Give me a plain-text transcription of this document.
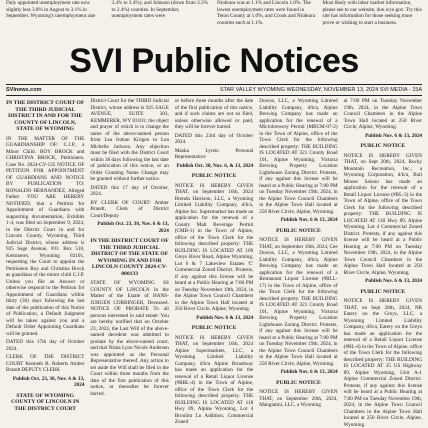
Duly appointed unemployment rate now slightly less 3.8% in August to 3.1% in September. Wyoming's unemployment rate
3.4% to 3.4%), and Johnson (down from 3.3% to 2.4%) counties. In September, unemployment rates were
Niobrara was at 1.1% and Lincoln 1.0%. The lowest unemployment rates were found in Teton County at 1.0%, and Crook and Niobrara counties each at 1.1%.
Most likely with labor market information, please see to our website, doe.wyo.gov. Try this site has information for those seeking more prove or wishing to start a business.
SVI Public Notices
SVInews.com	STAR VALLEY WYOMING WEDNESDAY, NOVEMBER 13, 2024 SVI MEDIA - 15A
IN THE DISTRICT COURT OF THE THIRD JUDICIAL DISTRICT IN AND FOR THE COUNTY OF LINCOLN, STATE OF WYOMING

IN THE MATTER OF THE GUARDIANSHIP OF: C.J.P., a Minor Child. ROY BROCK and CHRISTINA BROCK, Petitioners. Case No. 2024-CV-125 NOTICE OF PETITION FOR APPOINTMENT OF GUARDIANS AND NOTICE BY PUBLICATION TO: RONALDO HERNANDEZ, Alleged Father YOU ARE HEREBY NOTIFIED, that a Petition for Appointment of Guardians with supporting documentation, Exhibits 1-4, was filed on September 9, 2024, in the District Court in and for Lincoln County, Wyoming, Third Judicial District, whose address is 925 Sage Avenue, P.O. Box 510, Kemmerer, Wyoming 83101, requesting the Court to appoint the Petitioners Roy and Christina Brock as guardians of the minor child C.J.P. Unless you file an Answer or otherwise respond to the Petition for Appointment of Guardians within thirty (30) days following the last date of the publication of this Notice of Publication, a Default Judgment will be taken against you and a Default Order Appointing Guardians will be granted.

DATED this 17th day of October 2024.

CLERK OF THE DISTRICT COURT Kenneth B. Roberts Amber Brandt DEPUTY CLERK

Publish Oct. 23, 30, Nov. 6 & 13, 2024
STATE OF WYOMING COUNTY OF LINCOLN IN THE DISTRICT COURT

District Court for the THIRD Judicial District, whose address is 925 SAGE AVENUE, SUITE 303, KEMMERER, WY 83101; the object and prayer of which is to change the name of the above-named person from Lea Iroban Kirigen to Lea Michelle Jackson. Any objection must be filed with the District Court within 30 days following the last date of publication of this notice, or an Order Granting Name Change may be granted without further notice.

DATED this 17 day of October, 2024.

BY CLERK OF COURT: Amber Brandt, Clerk of District Court/Deputy

Publish Oct. 23, 30, Nov. 6 & 13, 2024
IN THE DISTRICT COURT OF THE THIRD JUDICIAL DISTRICT OF THE STATE OF WYOMING IN AND FOR LINCOLN COUNTY 2024-CV-000133

STATE OF WYOMING SS COUNTY OF LINCOLN In the Matter of the Estate of HANS-JURGEN CORRINGER, Deceased. NOTICE OF PROBATE To all persons interested in said estate: You are hereby notified that on October 23, 2024, the Last Will of the above-named decedent was admitted to probate by the above-named court, and that Nisha Lynn Nicole Andersen was appointed as the Personal Representative thereof. Any action to set aside the Will shall be filed in the Court within three months from the date of the first publication of this notice, or thereafter be forever barred.

or before three months after the date of the first publication of this notice, and if such claims are not so filed, unless otherwise allowed or paid, they will be forever barred.

DATED this 23rd day of October 2024.

Mazka Lyrein Personal Representative

Publish Oct. 30, Nov. 6, & 13, 2024
PUBLIC NOTICE

NOTICE IS HEREBY GIVEN THAT, on September 16th, 2024 Brenda Harrison, LLC, a Wyoming Limited Liability Company, d/b/a, Alpine Inc. Supermarket has made an application for the renewal of a County Malt Beverage Permit (CMB-1) in the Town of Alpine, office of the Town Clerk for the following described property: THE BUILDING IS LOCATED AT 109 Greys River Road, Alpine Wyoming, Lot 6 & 7 Lakeview Estates 'C' Commercial Zoned District. Protests, if any against this license will be heard at a Public Hearing at 7:00 PM on Tuesday November 19th, 2024, in the Alpine Town Council Chambers in the Alpine Town Hall located at 250 River Circle, Alpine, Wyoming.

Publish Nov. 6 & 13, 2024
PUBLIC NOTICE

NOTICE IS HEREBY GIVEN THAT, on September 16th, 2024 Alpine Supermarkets, LLC, a Wyoming Limited Liability Company, d/b/a Alpine Broadway has made an application for the renewal of a Retail Liquor License (#RRL-4) in the Town of Alpine, office of the Town Clerk for the following described property. THE BUILDING IS LOCATED AT 118 Hwy 89, Alpine Wyoming, Lot 4 Broulim Ln Addition, Commercial Zoned

Downs, LLC, a Wyoming Limited Liability Company, d/b/a, Alpine Brewing Company has made an application for the renewal of a Microbrewery Permit (MBCM-07-2) in the Town of Alpine, office of the Town Clerk for the following described property: THE BUILDING IS LOCATED AT 321 County Road 101, Alpine Wyoming, Victoria Brewing Property Location Lighthouse Zoning District. Protests, if any against this license will be heard at a Public Hearing at 7:00 PM on Tuesday November 19th, 2024, in the Alpine Town Council Chambers in the Alpine Town Hall located at 250 River Circle, Alpine, Wyoming.

Publish Nov. 6 & 13, 2024
PUBLIC NOTICE

NOTICE IS HEREBY GIVEN THAT, on September 16th, 2024, Cee Downs, LLC, a Wyoming Limited Liability Company, d/b/a, Alpine Brewing Company has made an application for the renewal of a Restaurant Liquor License (#RLL-17) in the Town of Alpine, office of the Town Clerk for the following described property. THE BUILDING IS LOCATED AT 321 County Road 101, Alpine Wyoming, Victoria Brewing Property Location Lighthouse Zoning District. Protests, if any against this license will be heard at a Public Hearing at 7:00 PM on Tuesday November 19th, 2024, in the Alpine Town Council Chambers in the Alpine Town Hall located at 250 River Circle, Alpine, Wyoming.

Publish Nov. 6 & 13, 2024
PUBLIC NOTICE

NOTICE IS HEREBY GIVEN THAT, on September 20th, 2024, Mangiatini, LLC, a Wyoming

at 7:00 PM on Tuesday November 19th, 2024, in the Alpine Town Council Chambers in the Alpine Town Hall located at 250 River Circle, Alpine, Wyoming.

Publish Nov. 6 & 13, 2024
PUBLIC NOTICE

NOTICE IS HEREBY GIVEN THAT, on Sept 20th, 2024, Rocky Mountain Recreation, Inc., a Wyoming Corporation, d/b/a, Bull Moose Saloon has made an application for the renewal of a Retail Liquor License (#RL-3) in the Town of Alpine, office of the Town Clerk for the following described property: THE BUILDING IS LOCATED AT 130 Hwy 89, Alpine Wyoming, Lot 4 Commercial Zoned District. Protests, if any against this license will be heard at a Public Hearing at 7:00 PM on Tuesday November 19th, 2024, in the Alpine Town Council Chambers in the Alpine Town Hall located at 250 River Circle, Alpine, Wyoming.

Publish Nov. 6 & 13, 2024
PUBLIC NOTICE

NOTICE IS HEREBY GIVEN THAT, on Sept 20th, 2024, NR Eatery on the Greys, LLC, a Wyoming Limited Liability Company, d/b/a, Eatery on the Greys has made an application for the renewal of a Retail Liquor License (#RL-4) in the Town of Alpine, office of the Town Clerk for the following described property: THE BUILDING IS LOCATED AT 25 US Highway 89, Alpine Wyoming, Unit A-1 Alpine Commercial Zoned District. Protests, if any against this license will be heard at a Public Hearing at 7:00 PM on Tuesday November 19th, 2024, in the Alpine Town Council Chambers in the Alpine Town Hall located at 250 River Circle, Alpine, Wyoming.
